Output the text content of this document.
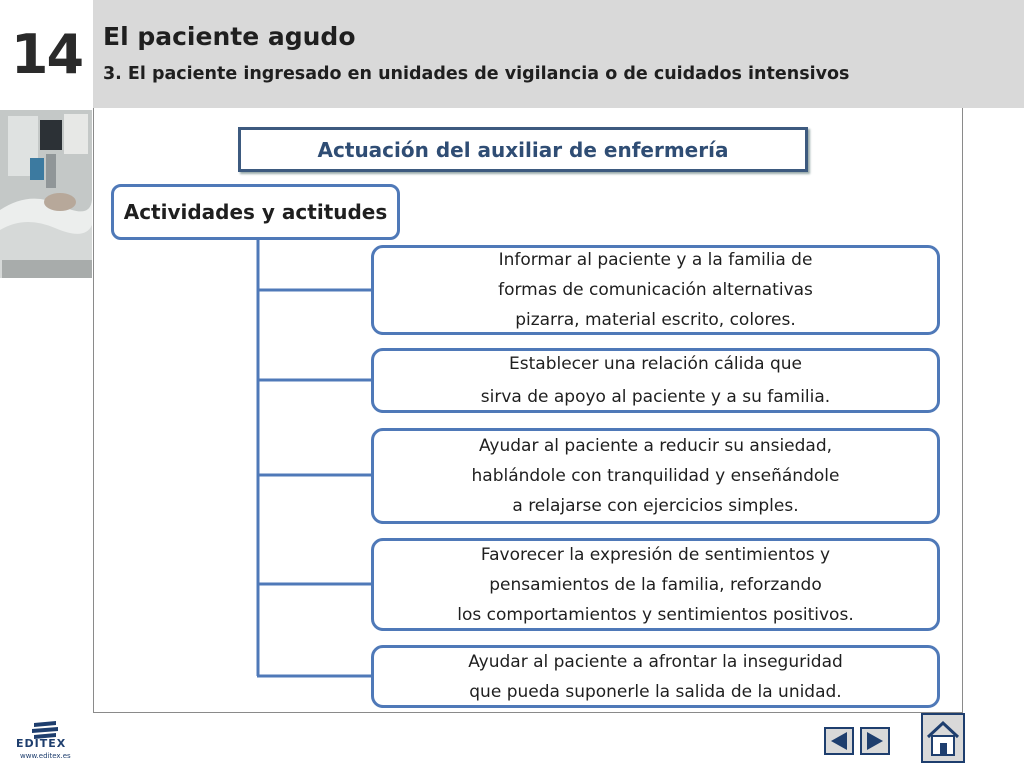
14 El paciente agudo
3. El paciente ingresado en unidades de vigilancia o de cuidados intensivos
Actuación del auxiliar de enfermería
Actividades y actitudes
Informar al paciente y a la familia de
formas de comunicación alternativas
pizarra, material escrito, colores.
Establecer una relación cálida que
sirva de apoyo al paciente y a su familia.
Ayudar al paciente a reducir su ansiedad,
hablándole con tranquilidad y enseñándole
a relajarse con ejercicios simples.
Favorecer la expresión de sentimientos y
pensamientos de la familia, reforzando
los comportamientos y sentimientos positivos.
Ayudar al paciente a afrontar la inseguridad
que pueda suponerle la salida de la unidad.
EDITEX
www.editex.es
